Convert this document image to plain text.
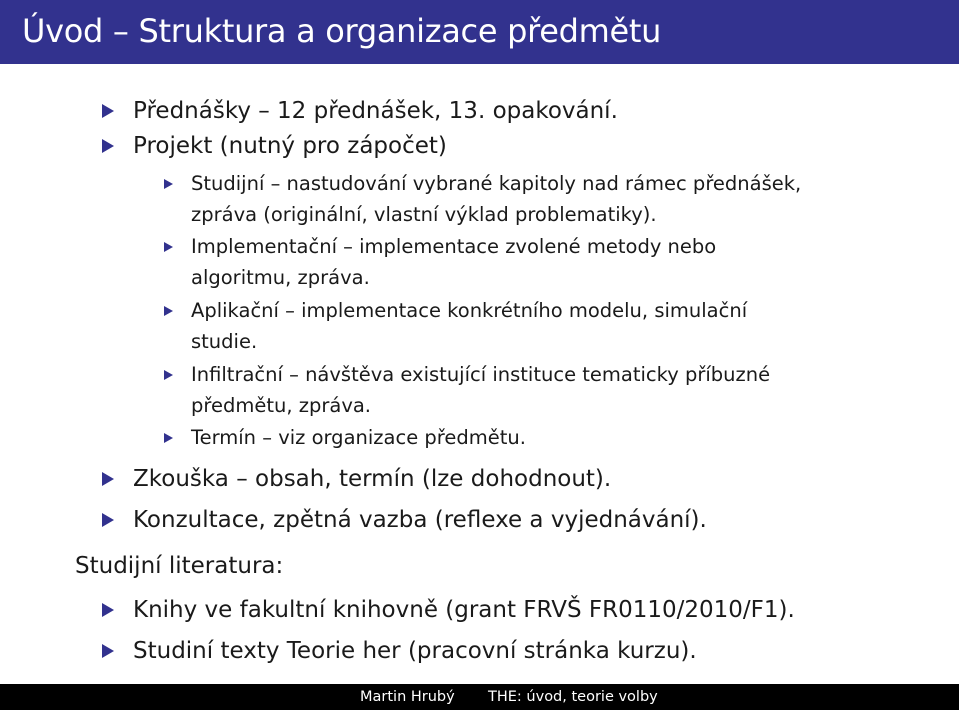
Úvod – Struktura a organizace předmětu
Přednášky – 12 přednášek, 13. opakování.
Projekt (nutný pro zápočet)
Studijní – nastudování vybrané kapitoly nad rámec přednášek,
zpráva (originální, vlastní výklad problematiky).
Implementační – implementace zvolené metody nebo
algoritmu, zpráva.
Aplikační – implementace konkrétního modelu, simulační
studie.
Infiltrační – návštěva existující instituce tematicky příbuzné
předmětu, zpráva.
Termín – viz organizace předmětu.
Zkouška – obsah, termín (lze dohodnout).
Konzultace, zpětná vazba (reflexe a vyjednávání).
Studijní literatura:
Knihy ve fakultní knihovně (grant FRVŠ FR0110/2010/F1).
Studiní texty Teorie her (pracovní stránka kurzu).
Martin Hrubý THE: úvod, teorie volby
